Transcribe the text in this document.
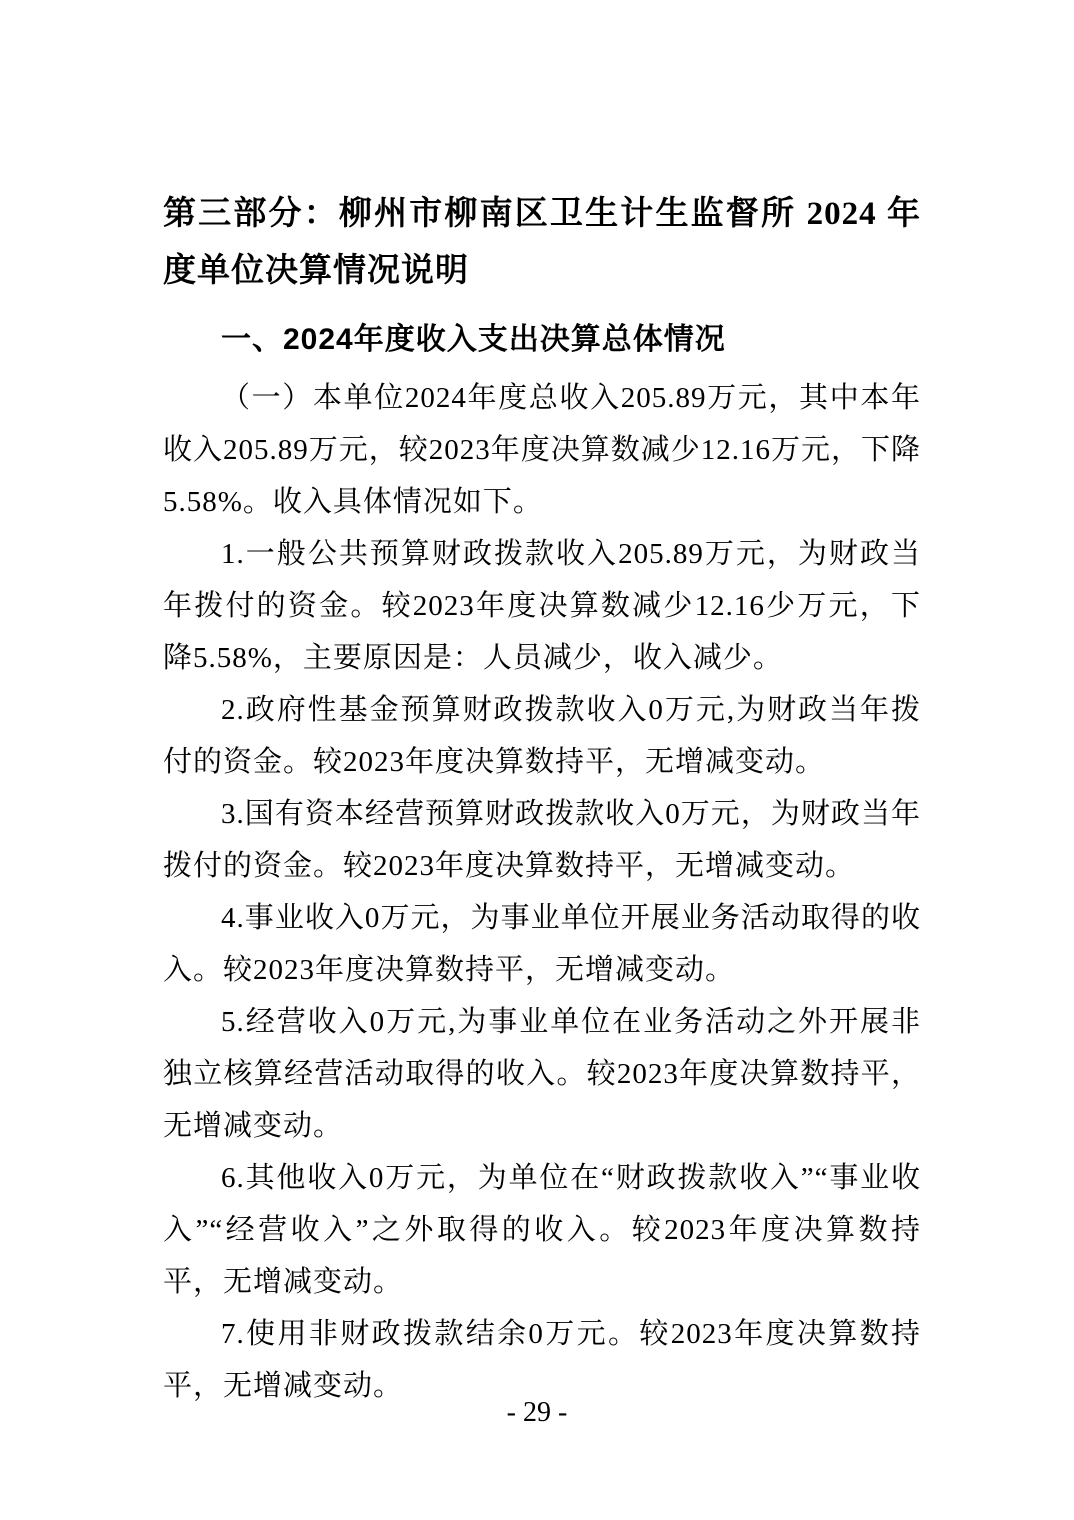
第三部分：柳州市柳南区卫生计生监督所 2024 年度单位决算情况说明
一、2024年度收入支出决算总体情况

（一）本单位2024年度总收入205.89万元，其中本年收入205.89万元，较2023年度决算数减少12.16万元，下降5.58%。收入具体情况如下。

1.一般公共预算财政拨款收入205.89万元，为财政当年拨付的资金。较2023年度决算数减少12.16少万元，下降5.58%，主要原因是：人员减少，收入减少。

2.政府性基金预算财政拨款收入0万元,为财政当年拨付的资金。较2023年度决算数持平，无增减变动。

3.国有资本经营预算财政拨款收入0万元，为财政当年拨付的资金。较2023年度决算数持平，无增减变动。

4.事业收入0万元，为事业单位开展业务活动取得的收入。较2023年度决算数持平，无增减变动。

5.经营收入0万元,为事业单位在业务活动之外开展非独立核算经营活动取得的收入。较2023年度决算数持平，无增减变动。

6.其他收入0万元，为单位在“财政拨款收入”“事业收入”“经营收入”之外取得的收入。较2023年度决算数持平，无增减变动。

7.使用非财政拨款结余0万元。较2023年度决算数持平，无增减变动。

- 29 -
